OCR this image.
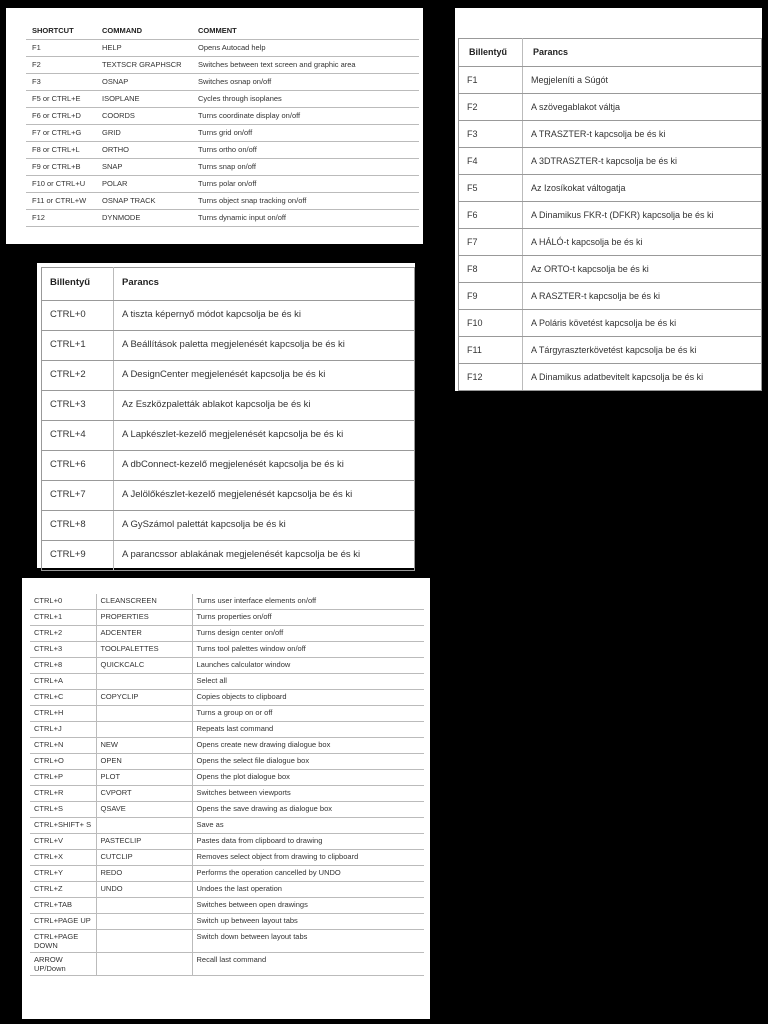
SHORTCUT	COMMAND	COMMENT
F1	HELP	Opens Autocad help
F2	TEXTSCR GRAPHSCR	Switches between text screen and graphic area
F3	OSNAP	Switches osnap on/off
F5 or CTRL+E	ISOPLANE	Cycles through isoplanes
F6 or CTRL+D	COORDS	Turns coordinate display on/off
F7 or CTRL+G	GRID	Turns grid on/off
F8 or CTRL+L	ORTHO	Turns ortho on/off
F9 or CTRL+B	SNAP	Turns snap on/off
F10 or CTRL+U	POLAR	Turns polar on/off
F11 or CTRL+W	OSNAP TRACK	Turns object snap tracking on/off
F12	DYNMODE	Turns dynamic input on/off
Billentyű	Parancs
F1	Megjeleníti a Súgót
F2	A szövegablakot váltja
F3	A TRASZTER-t kapcsolja be és ki
F4	A 3DTRASZTER-t kapcsolja be és ki
F5	Az Izosíkokat váltogatja
F6	A Dinamikus FKR-t (DFKR) kapcsolja be és ki
F7	A HÁLÓ-t kapcsolja be és ki
F8	Az ORTO-t kapcsolja be és ki
F9	A RASZTER-t kapcsolja be és ki
F10	A Poláris követést kapcsolja be és ki
F11	A Tárgyraszterkövetést kapcsolja be és ki
F12	A Dinamikus adatbevitelt kapcsolja be és ki
Billentyű	Parancs
CTRL+0	A tiszta képernyő módot kapcsolja be és ki
CTRL+1	A Beállítások paletta megjelenését kapcsolja be és ki
CTRL+2	A DesignCenter megjelenését kapcsolja be és ki
CTRL+3	Az Eszközpaletták ablakot kapcsolja be és ki
CTRL+4	A Lapkészlet-kezelő megjelenését kapcsolja be és ki
CTRL+6	A dbConnect-kezelő megjelenését kapcsolja be és ki
CTRL+7	A Jelölőkészlet-kezelő megjelenését kapcsolja be és ki
CTRL+8	A GySzámol palettát kapcsolja be és ki
CTRL+9	A parancssor ablakának megjelenését kapcsolja be és ki
CTRL+0	CLEANSCREEN	Turns user interface elements on/off
CTRL+1	PROPERTIES	Turns properties on/off
CTRL+2	ADCENTER	Turns design center on/off
CTRL+3	TOOLPALETTES	Turns tool palettes window on/off
CTRL+8	QUICKCALC	Launches calculator window
CTRL+A		Select all
CTRL+C	COPYCLIP	Copies objects to clipboard
CTRL+H		Turns a group on or off
CTRL+J		Repeats last command
CTRL+N	NEW	Opens create new drawing dialogue box
CTRL+O	OPEN	Opens the select file dialogue box
CTRL+P	PLOT	Opens the plot dialogue box
CTRL+R	CVPORT	Switches between viewports
CTRL+S	QSAVE	Opens the save drawing as dialogue box
CTRL+SHIFT+ S		Save as
CTRL+V	PASTECLIP	Pastes data from clipboard to drawing
CTRL+X	CUTCLIP	Removes select object from drawing to clipboard
CTRL+Y	REDO	Performs the operation cancelled by UNDO
CTRL+Z	UNDO	Undoes the last operation
CTRL+TAB		Switches between open drawings
CTRL+PAGE UP		Switch up between layout tabs
CTRL+PAGE DOWN		Switch down between layout tabs
ARROW UP/Down		Recall last command
